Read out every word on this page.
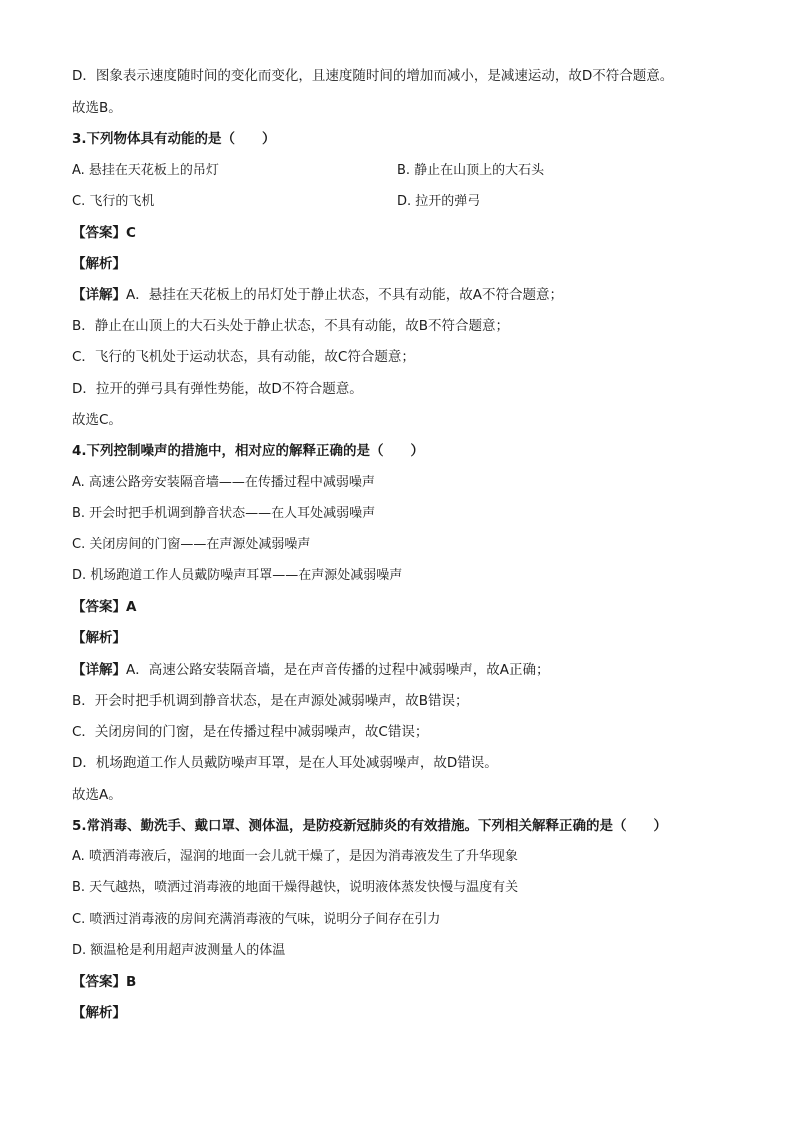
D．图象表示速度随时间的变化而变化，且速度随时间的增加而减小，是减速运动，故D不符合题意。
故选B。
3.下列物体具有动能的是（　　）
A. 悬挂在天花板上的吊灯	B. 静止在山顶上的大石头
C. 飞行的飞机	D. 拉开的弹弓
【答案】C
【解析】
【详解】A．悬挂在天花板上的吊灯处于静止状态，不具有动能，故A不符合题意；
B．静止在山顶上的大石头处于静止状态，不具有动能，故B不符合题意；
C．飞行的飞机处于运动状态，具有动能，故C符合题意；
D．拉开的弹弓具有弹性势能，故D不符合题意。
故选C。
4.下列控制噪声的措施中，相对应的解释正确的是（　　）
A. 高速公路旁安装隔音墙——在传播过程中减弱噪声
B. 开会时把手机调到静音状态——在人耳处减弱噪声
C. 关闭房间的门窗——在声源处减弱噪声
D. 机场跑道工作人员戴防噪声耳罩——在声源处减弱噪声
【答案】A
【解析】
【详解】A．高速公路安装隔音墙，是在声音传播的过程中减弱噪声，故A正确；
B．开会时把手机调到静音状态，是在声源处减弱噪声，故B错误；
C．关闭房间的门窗，是在传播过程中减弱噪声，故C错误；
D．机场跑道工作人员戴防噪声耳罩，是在人耳处减弱噪声，故D错误。
故选A。
5.常消毒、勤洗手、戴口罩、测体温，是防疫新冠肺炎的有效措施。下列相关解释正确的是（　　）
A. 喷洒消毒液后，湿润的地面一会儿就干燥了，是因为消毒液发生了升华现象
B. 天气越热，喷洒过消毒液的地面干燥得越快，说明液体蒸发快慢与温度有关
C. 喷洒过消毒液的房间充满消毒液的气味，说明分子间存在引力
D. 额温枪是利用超声波测量人的体温
【答案】B
【解析】
